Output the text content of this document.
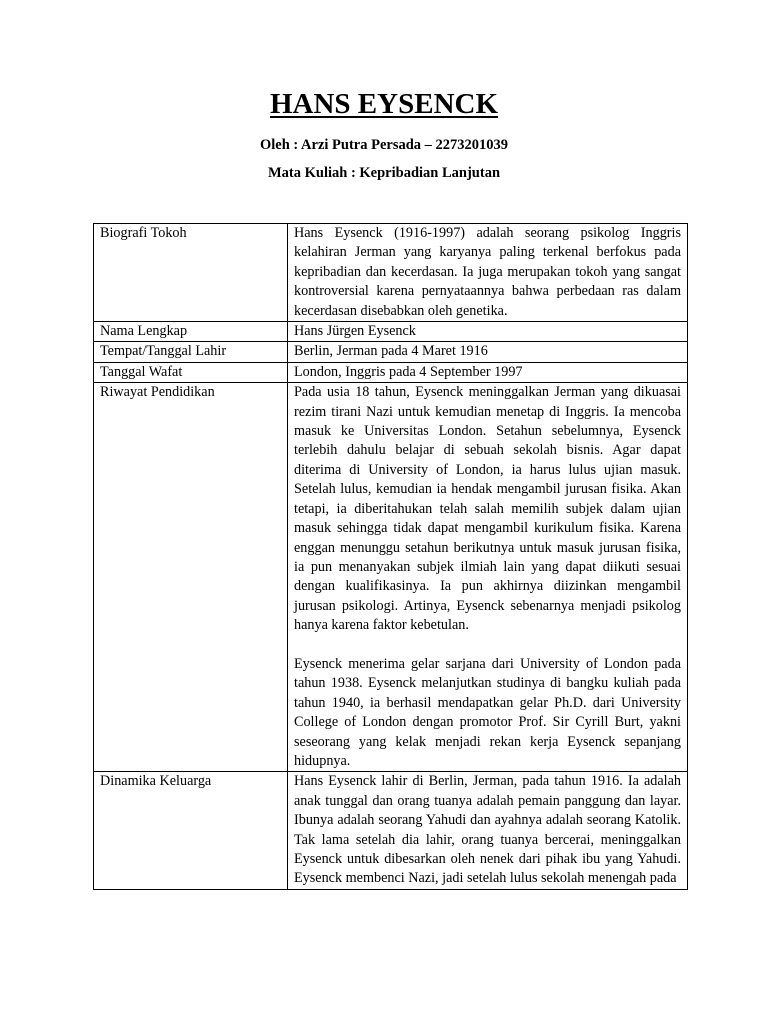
HANS EYSENCK
Oleh : Arzi Putra Persada – 2273201039
Mata Kuliah : Kepribadian Lanjutan
Biografi Tokoh	Hans Eysenck (1916-1997) adalah seorang psikolog Inggris kelahiran Jerman yang karyanya paling terkenal berfokus pada kepribadian dan kecerdasan. Ia juga merupakan tokoh yang sangat kontroversial karena pernyataannya bahwa perbedaan ras dalam kecerdasan disebabkan oleh genetika.

Nama Lengkap	Hans Jürgen Eysenck

Tempat/Tanggal Lahir	Berlin, Jerman pada 4 Maret 1916

Tanggal Wafat	London, Inggris pada 4 September 1997

Riwayat Pendidikan	Pada usia 18 tahun, Eysenck meninggalkan Jerman yang dikuasai rezim tirani Nazi untuk kemudian menetap di Inggris. Ia mencoba masuk ke Universitas London. Setahun sebelumnya, Eysenck terlebih dahulu belajar di sebuah sekolah bisnis. Agar dapat diterima di University of London, ia harus lulus ujian masuk. Setelah lulus, kemudian ia hendak mengambil jurusan fisika. Akan tetapi, ia diberitahukan telah salah memilih subjek dalam ujian masuk sehingga tidak dapat mengambil kurikulum fisika. Karena enggan menunggu setahun berikutnya untuk masuk jurusan fisika, ia pun menanyakan subjek ilmiah lain yang dapat diikuti sesuai dengan kualifikasinya. Ia pun akhirnya diizinkan mengambil jurusan psikologi. Artinya, Eysenck sebenarnya menjadi psikolog hanya karena faktor kebetulan.

Eysenck menerima gelar sarjana dari University of London pada tahun 1938. Eysenck melanjutkan studinya di bangku kuliah pada tahun 1940, ia berhasil mendapatkan gelar Ph.D. dari University College of London dengan promotor Prof. Sir Cyrill Burt, yakni seseorang yang kelak menjadi rekan kerja Eysenck sepanjang hidupnya.

Dinamika Keluarga	Hans Eysenck lahir di Berlin, Jerman, pada tahun 1916. Ia adalah anak tunggal dan orang tuanya adalah pemain panggung dan layar. Ibunya adalah seorang Yahudi dan ayahnya adalah seorang Katolik. Tak lama setelah dia lahir, orang tuanya bercerai, meninggalkan Eysenck untuk dibesarkan oleh nenek dari pihak ibu yang Yahudi. Eysenck membenci Nazi, jadi setelah lulus sekolah menengah pada
